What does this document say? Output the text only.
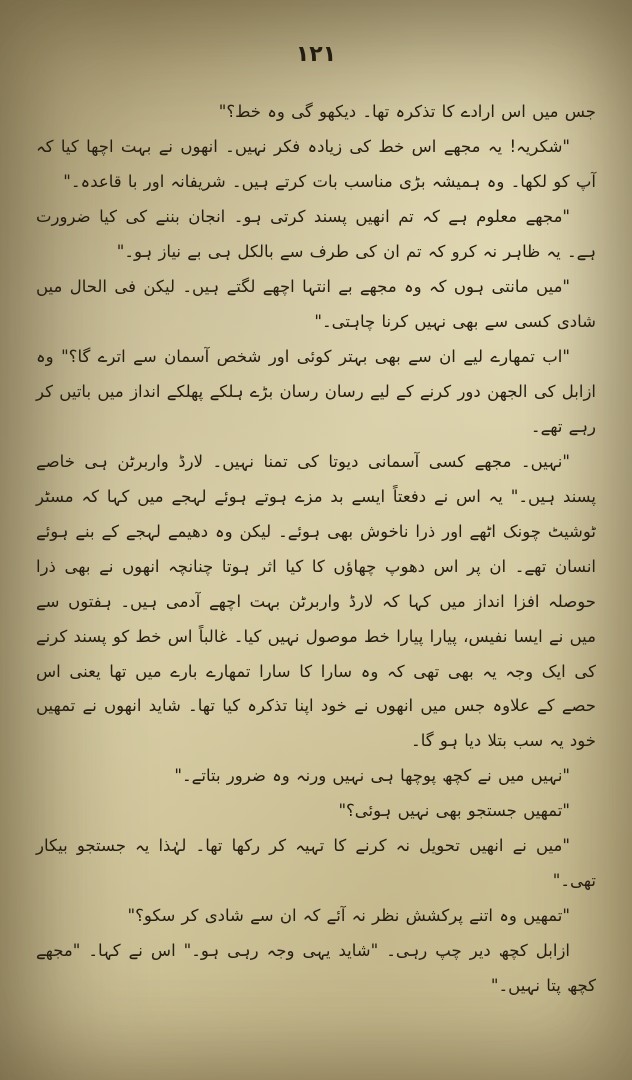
۱۲۱

جس میں اس ارادے کا تذکرہ تھا۔ دیکھو گی وہ خط؟"

"شکریہ! یہ مجھے اس خط کی زیادہ فکر نہیں۔ انھوں نے بہت اچھا کیا کہ آپ کو لکھا۔ وہ ہمیشہ بڑی مناسب بات کرتے ہیں۔ شریفانہ اور با قاعدہ۔"

"مجھے معلوم ہے کہ تم انھیں پسند کرتی ہو۔ انجان بننے کی کیا ضرورت ہے۔ یہ ظاہر نہ کرو کہ تم ان کی طرف سے بالکل ہی بے نیاز ہو۔"

"میں مانتی ہوں کہ وہ مجھے بے انتہا اچھے لگتے ہیں۔ لیکن فی الحال میں شادی کسی سے بھی نہیں کرنا چاہتی۔"

"اب تمھارے لیے ان سے بھی بہتر کوئی اور شخص آسمان سے اترے گا؟" وہ ازابل کی الجھن دور کرنے کے لیے رسان رسان بڑے ہلکے پھلکے انداز میں باتیں کر رہے تھے۔

"نہیں۔ مجھے کسی آسمانی دیوتا کی تمنا نہیں۔ لارڈ واربرٹن ہی خاصے پسند ہیں۔" یہ اس نے دفعتاً ایسے بد مزے ہوتے ہوئے لہجے میں کہا کہ مسٹر ٹوشیٹ چونک اٹھے اور ذرا ناخوش بھی ہوئے۔ لیکن وہ دھیمے لہجے کے بنے ہوئے انسان تھے۔ ان پر اس دھوپ چھاؤں کا کیا اثر ہوتا چنانچہ انھوں نے بھی ذرا حوصلہ افزا انداز میں کہا کہ لارڈ واربرٹن بہت اچھے آدمی ہیں۔ ہفتوں سے میں نے ایسا نفیس، پیارا پیارا خط موصول نہیں کیا۔ غالباً اس خط کو پسند کرنے کی ایک وجہ یہ بھی تھی کہ وہ سارا کا سارا تمھارے بارے میں تھا یعنی اس حصے کے علاوہ جس میں انھوں نے خود اپنا تذکرہ کیا تھا۔ شاید انھوں نے تمھیں خود یہ سب بتلا دیا ہو گا۔

"نہیں میں نے کچھ پوچھا ہی نہیں ورنہ وہ ضرور بتاتے۔"

"تمھیں جستجو بھی نہیں ہوئی؟"

"میں نے انھیں تحویل نہ کرنے کا تہیہ کر رکھا تھا۔ لہٰذا یہ جستجو بیکار تھی۔"

"تمھیں وہ اتنے پرکشش نظر نہ آئے کہ ان سے شادی کر سکو؟"

ازابل کچھ دیر چپ رہی۔ "شاید یہی وجہ رہی ہو۔" اس نے کہا۔ "مجھے کچھ پتا نہیں۔"
